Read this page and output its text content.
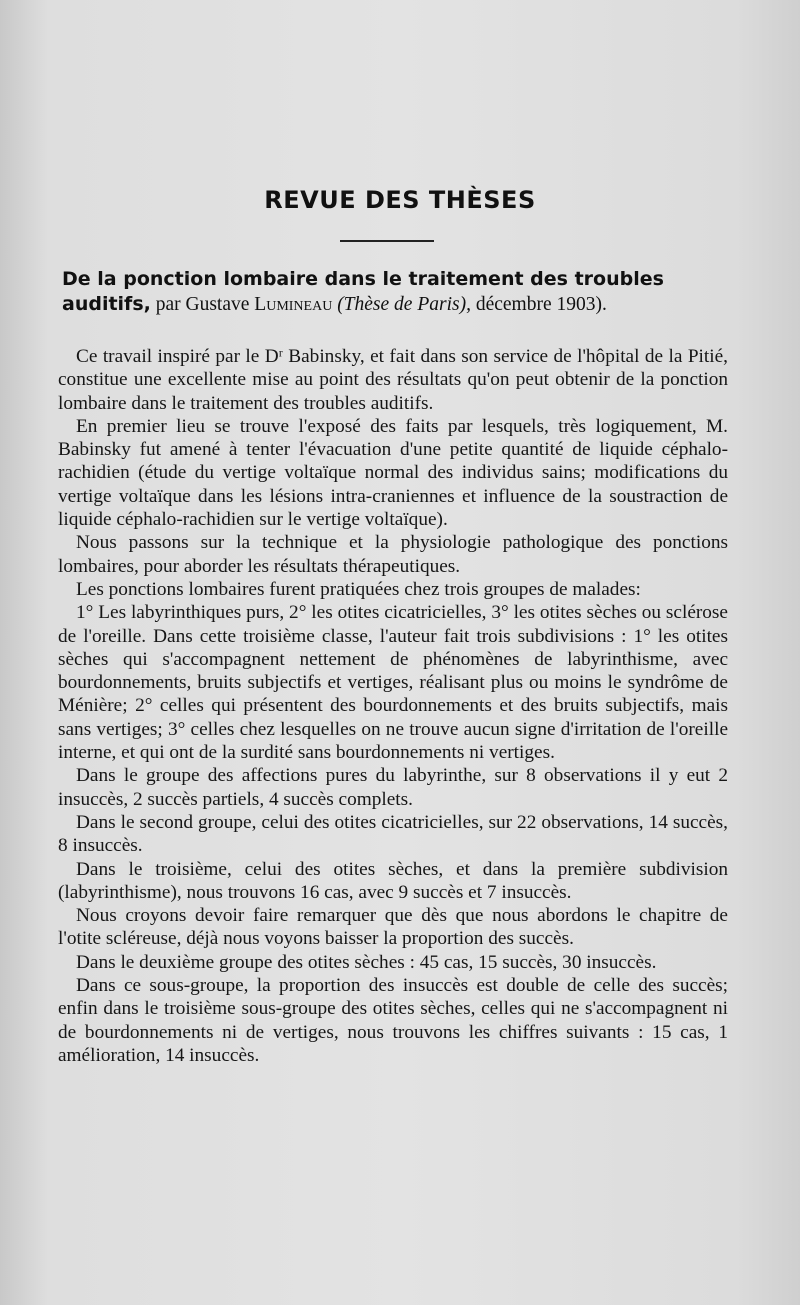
REVUE DES THÈSES
De la ponction lombaire dans le traitement des troubles auditifs, par Gustave Lumineau (Thèse de Paris), décembre 1903).

Ce travail inspiré par le Dʳ Babinsky, et fait dans son service de l'hôpital de la Pitié, constitue une excellente mise au point des résultats qu'on peut obtenir de la ponction lombaire dans le traitement des troubles auditifs.

En premier lieu se trouve l'exposé des faits par lesquels, très logiquement, M. Babinsky fut amené à tenter l'évacuation d'une petite quantité de liquide céphalo-rachidien (étude du vertige voltaïque normal des individus sains; modifications du vertige voltaïque dans les lésions intra-craniennes et influence de la soustraction de liquide céphalo-rachidien sur le vertige voltaïque).

Nous passons sur la technique et la physiologie pathologique des ponctions lombaires, pour aborder les résultats thérapeutiques.

Les ponctions lombaires furent pratiquées chez trois groupes de malades:

1° Les labyrinthiques purs, 2° les otites cicatricielles, 3° les otites sèches ou sclérose de l'oreille. Dans cette troisième classe, l'auteur fait trois subdivisions : 1° les otites sèches qui s'accompagnent nettement de phénomènes de labyrinthisme, avec bourdonnements, bruits subjectifs et vertiges, réalisant plus ou moins le syndrôme de Ménière; 2° celles qui présentent des bourdonnements et des bruits subjectifs, mais sans vertiges; 3° celles chez lesquelles on ne trouve aucun signe d'irritation de l'oreille interne, et qui ont de la surdité sans bourdonnements ni vertiges.

Dans le groupe des affections pures du labyrinthe, sur 8 observations il y eut 2 insuccès, 2 succès partiels, 4 succès complets.

Dans le second groupe, celui des otites cicatricielles, sur 22 observations, 14 succès, 8 insuccès.

Dans le troisième, celui des otites sèches, et dans la première subdivision (labyrinthisme), nous trouvons 16 cas, avec 9 succès et 7 insuccès.

Nous croyons devoir faire remarquer que dès que nous abordons le chapitre de l'otite scléreuse, déjà nous voyons baisser la proportion des succès.

Dans le deuxième groupe des otites sèches : 45 cas, 15 succès, 30 insuccès.

Dans ce sous-groupe, la proportion des insuccès est double de celle des succès; enfin dans le troisième sous-groupe des otites sèches, celles qui ne s'accompagnent ni de bourdonnements ni de vertiges, nous trouvons les chiffres suivants : 15 cas, 1 amélioration, 14 insuccès.
